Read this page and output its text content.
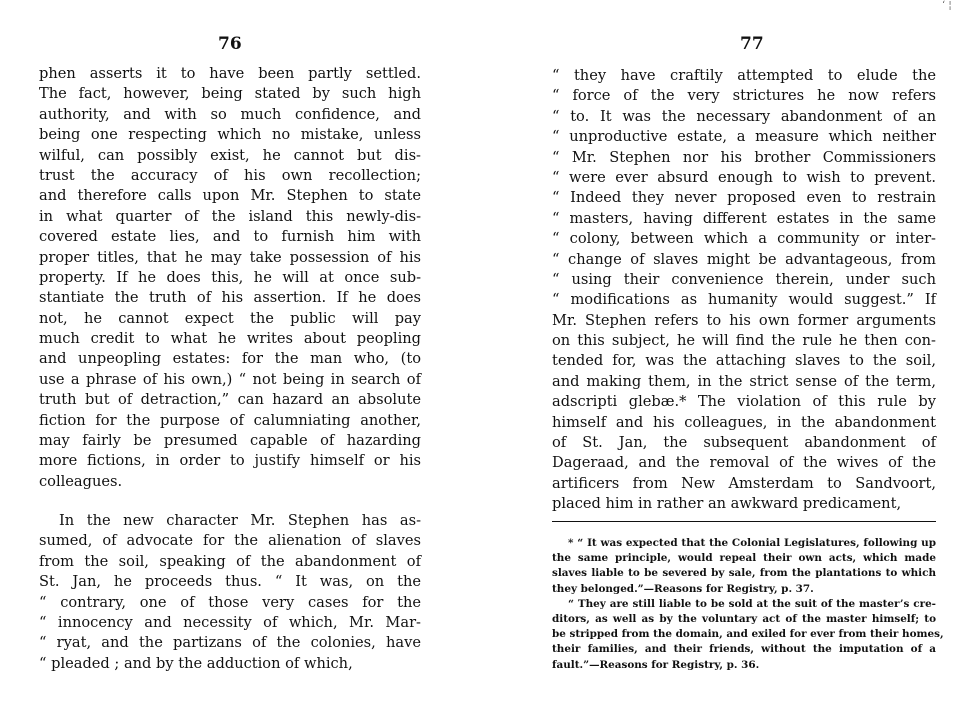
76
phen asserts it to have been partly settled.
The fact, however, being stated by such high
authority, and with so much confidence, and
being one respecting which no mistake, unless
wilful, can possibly exist, he cannot but dis-
trust the accuracy of his own recollection;
and therefore calls upon Mr. Stephen to state
in what quarter of the island this newly-dis-
covered estate lies, and to furnish him with
proper titles, that he may take possession of his
property. If he does this, he will at once sub-
stantiate the truth of his assertion. If he does
not, he cannot expect the public will pay
much credit to what he writes about peopling
and unpeopling estates: for the man who, (to
use a phrase of his own,) “ not being in search of
truth but of detraction,” can hazard an absolute
fiction for the purpose of calumniating another,
may fairly be presumed capable of hazarding
more fictions, in order to justify himself or his
colleagues.
In the new character Mr. Stephen has as-
sumed, of advocate for the alienation of slaves
from the soil, speaking of the abandonment of
St. Jan, he proceeds thus. “ It was, on the
“ contrary, one of those very cases for the
“ innocency and necessity of which, Mr. Mar-
“ ryat, and the partizans of the colonies, have
“ pleaded ; and by the adduction of which,
‘ ¦
77
“ they have craftily attempted to elude the
“ force of the very strictures he now refers
“ to. It was the necessary abandonment of an
“ unproductive estate, a measure which neither
“ Mr. Stephen nor his brother Commissioners
“ were ever absurd enough to wish to prevent.
“ Indeed they never proposed even to restrain
“ masters, having different estates in the same
“ colony, between which a community or inter-
“ change of slaves might be advantageous, from
“ using their convenience therein, under such
“ modifications as humanity would suggest.” If
Mr. Stephen refers to his own former arguments
on this subject, he will find the rule he then con-
tended for, was the attaching slaves to the soil,
and making them, in the strict sense of the term,
adscripti glebæ.* The violation of this rule by
himself and his colleagues, in the abandonment
of St. Jan, the subsequent abandonment of
Dageraad, and the removal of the wives of the
artificers from New Amsterdam to Sandvoort,
placed him in rather an awkward predicament,
* “ It was expected that the Colonial Legislatures, following up
the same principle, would repeal their own acts, which made
slaves liable to be severed by sale, from the plantations to which
they belonged.”—Reasons for Registry, p. 37.
“ They are still liable to be sold at the suit of the master’s cre-
ditors, as well as by the voluntary act of the master himself; to
be stripped from the domain, and exiled for ever from their homes,
their families, and their friends, without the imputation of a
fault.”—Reasons for Registry, p. 36.
